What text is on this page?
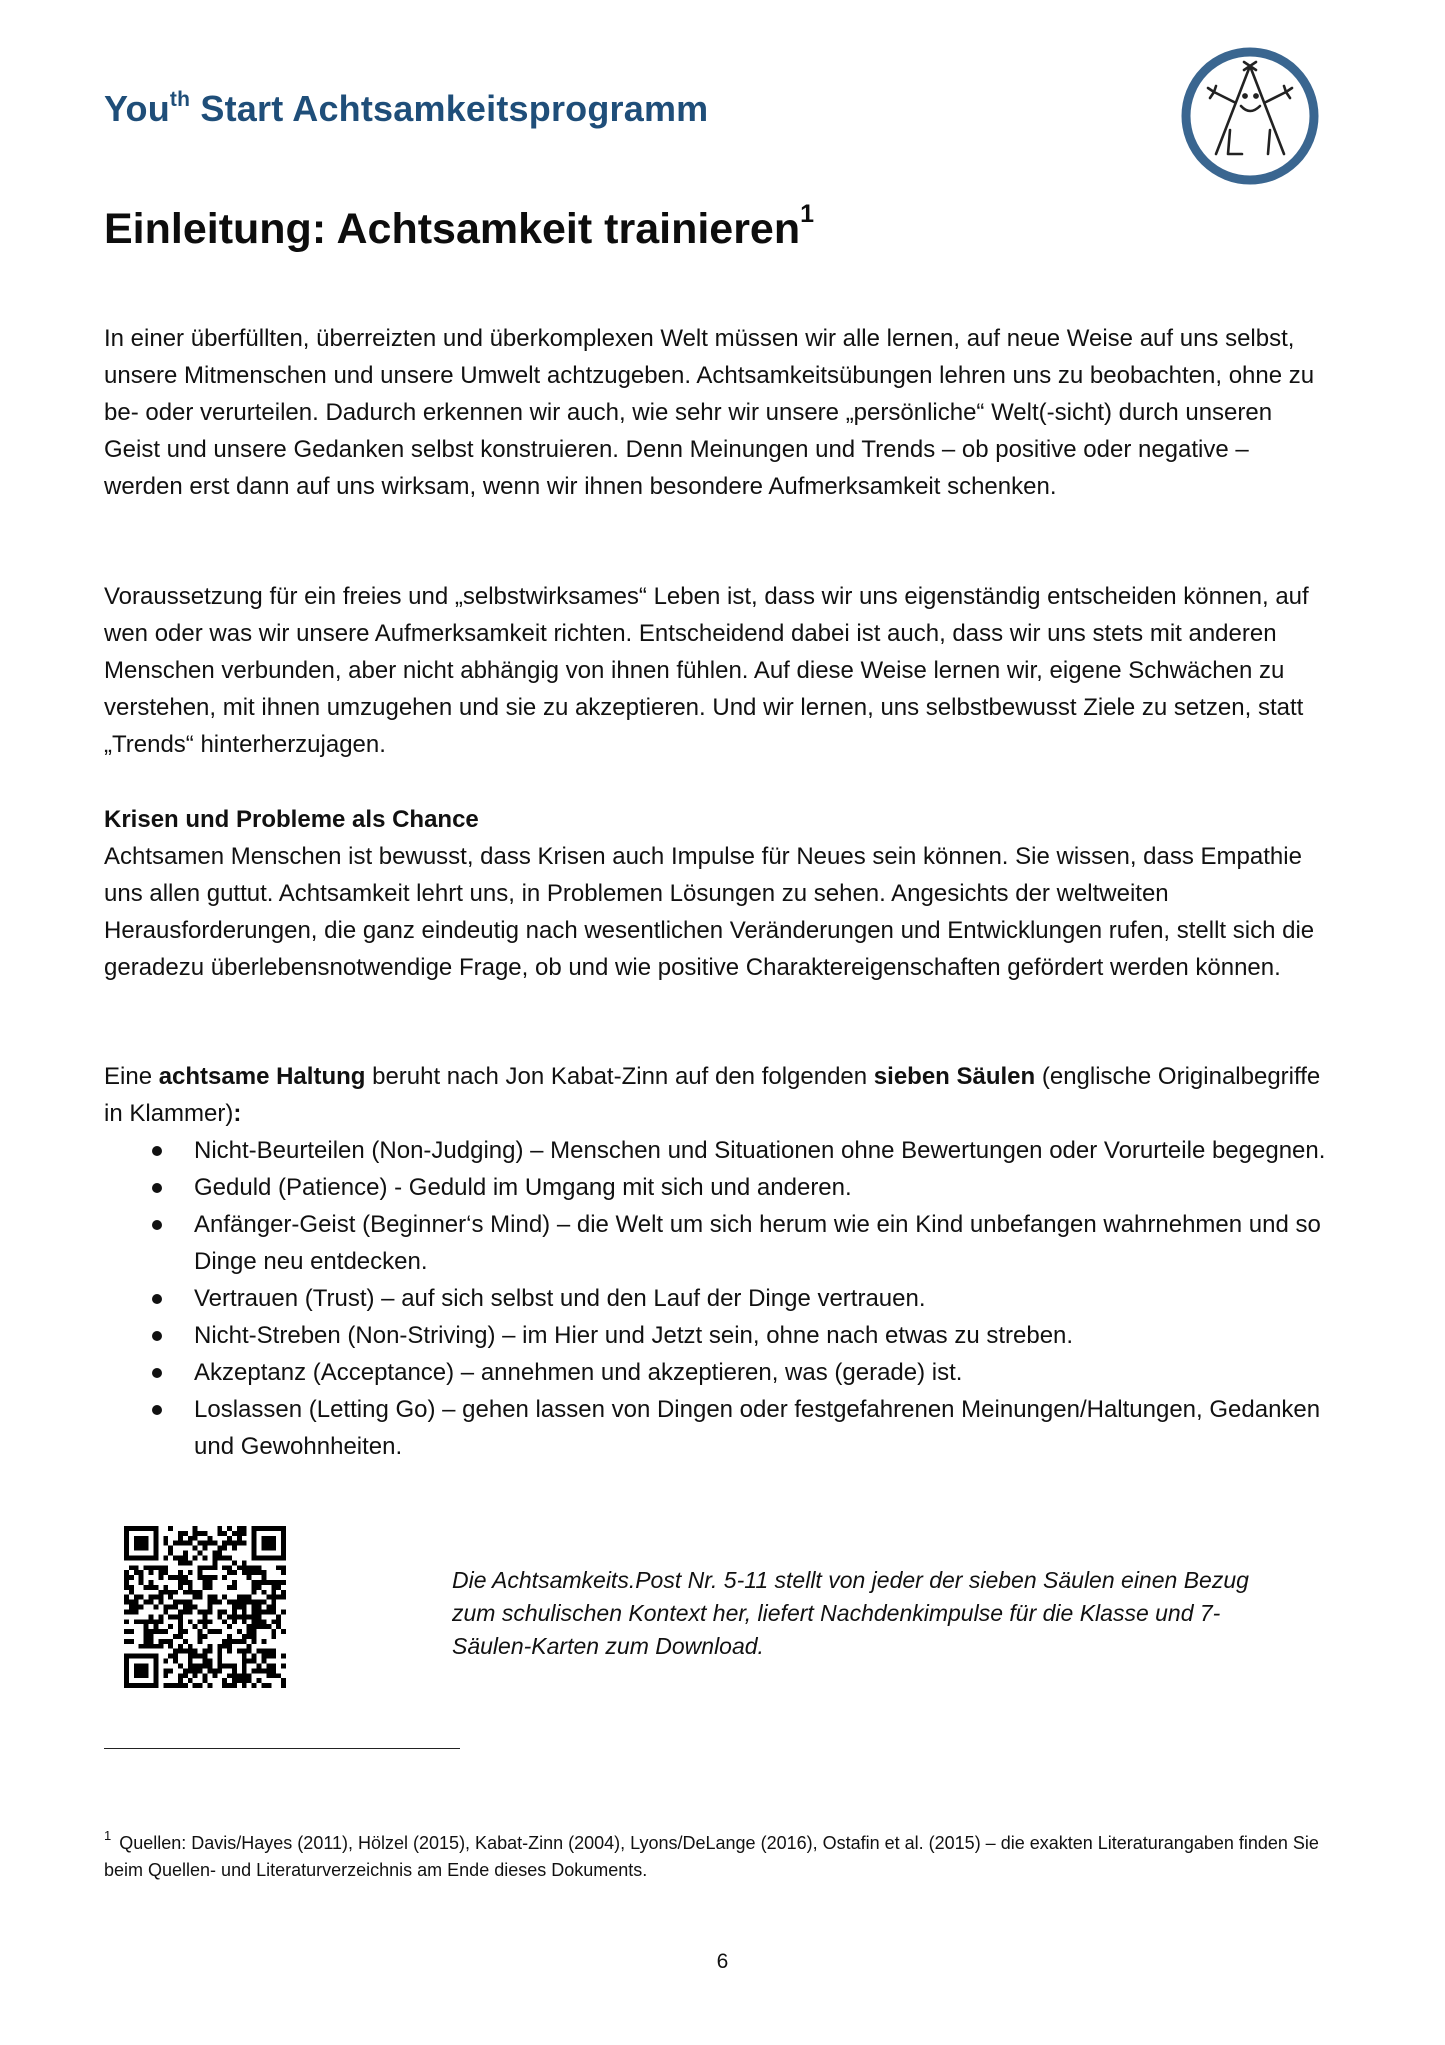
You$^{th}$ Start Achtsamkeitsprogramm
Einleitung: Achtsamkeit trainieren$^1$

In einer überfüllten, überreizten und überkomplexen Welt müssen wir alle lernen, auf neue Weise auf uns selbst, unsere Mitmenschen und unsere Umwelt achtzugeben. Achtsamkeitsübungen lehren uns zu beobachten, ohne zu be- oder verurteilen. Dadurch erkennen wir auch, wie sehr wir unsere „persönliche“ Welt(-sicht) durch unseren Geist und unsere Gedanken selbst konstruieren. Denn Meinungen und Trends – ob positive oder negative – werden erst dann auf uns wirksam, wenn wir ihnen besondere Aufmerksamkeit schenken.

Voraussetzung für ein freies und „selbstwirksames“ Leben ist, dass wir uns eigenständig entscheiden können, auf wen oder was wir unsere Aufmerksamkeit richten. Entscheidend dabei ist auch, dass wir uns stets mit anderen Menschen verbunden, aber nicht abhängig von ihnen fühlen. Auf diese Weise lernen wir, eigene Schwächen zu verstehen, mit ihnen umzugehen und sie zu akzeptieren. Und wir lernen, uns selbstbewusst Ziele zu setzen, statt „Trends“ hinterherzujagen.

Krisen und Probleme als Chance

Achtsamen Menschen ist bewusst, dass Krisen auch Impulse für Neues sein können. Sie wissen, dass Empathie uns allen guttut. Achtsamkeit lehrt uns, in Problemen Lösungen zu sehen. Angesichts der weltweiten Herausforderungen, die ganz eindeutig nach wesentlichen Veränderungen und Entwicklungen rufen, stellt sich die geradezu überlebensnotwendige Frage, ob und wie positive Charaktereigenschaften gefördert werden können.

Eine achtsame Haltung beruht nach Jon Kabat-Zinn auf den folgenden sieben Säulen (englische Originalbegriffe in Klammer):

Nicht-Beurteilen (Non-Judging) – Menschen und Situationen ohne Bewertungen oder Vorurteile begegnen.
Geduld (Patience) - Geduld im Umgang mit sich und anderen.
Anfänger-Geist (Beginner‘s Mind) – die Welt um sich herum wie ein Kind unbefangen wahrnehmen und so Dinge neu entdecken.
Vertrauen (Trust) – auf sich selbst und den Lauf der Dinge vertrauen.
Nicht-Streben (Non-Striving) – im Hier und Jetzt sein, ohne nach etwas zu streben.
Akzeptanz (Acceptance) – annehmen und akzeptieren, was (gerade) ist.
Loslassen (Letting Go) – gehen lassen von Dingen oder festgefahrenen Meinungen/Haltungen, Gedanken und Gewohnheiten.

Die Achtsamkeits.Post Nr. 5-11 stellt von jeder der sieben Säulen einen Bezug zum schulischen Kontext her, liefert Nachdenkimpulse für die Klasse und 7-Säulen-Karten zum Download.

$^1$ Quellen: Davis/Hayes (2011), Hölzel (2015), Kabat-Zinn (2004), Lyons/DeLange (2016), Ostafin et al. (2015) – die exakten Literaturangaben finden Sie beim Quellen- und Literaturverzeichnis am Ende dieses Dokuments.

6
